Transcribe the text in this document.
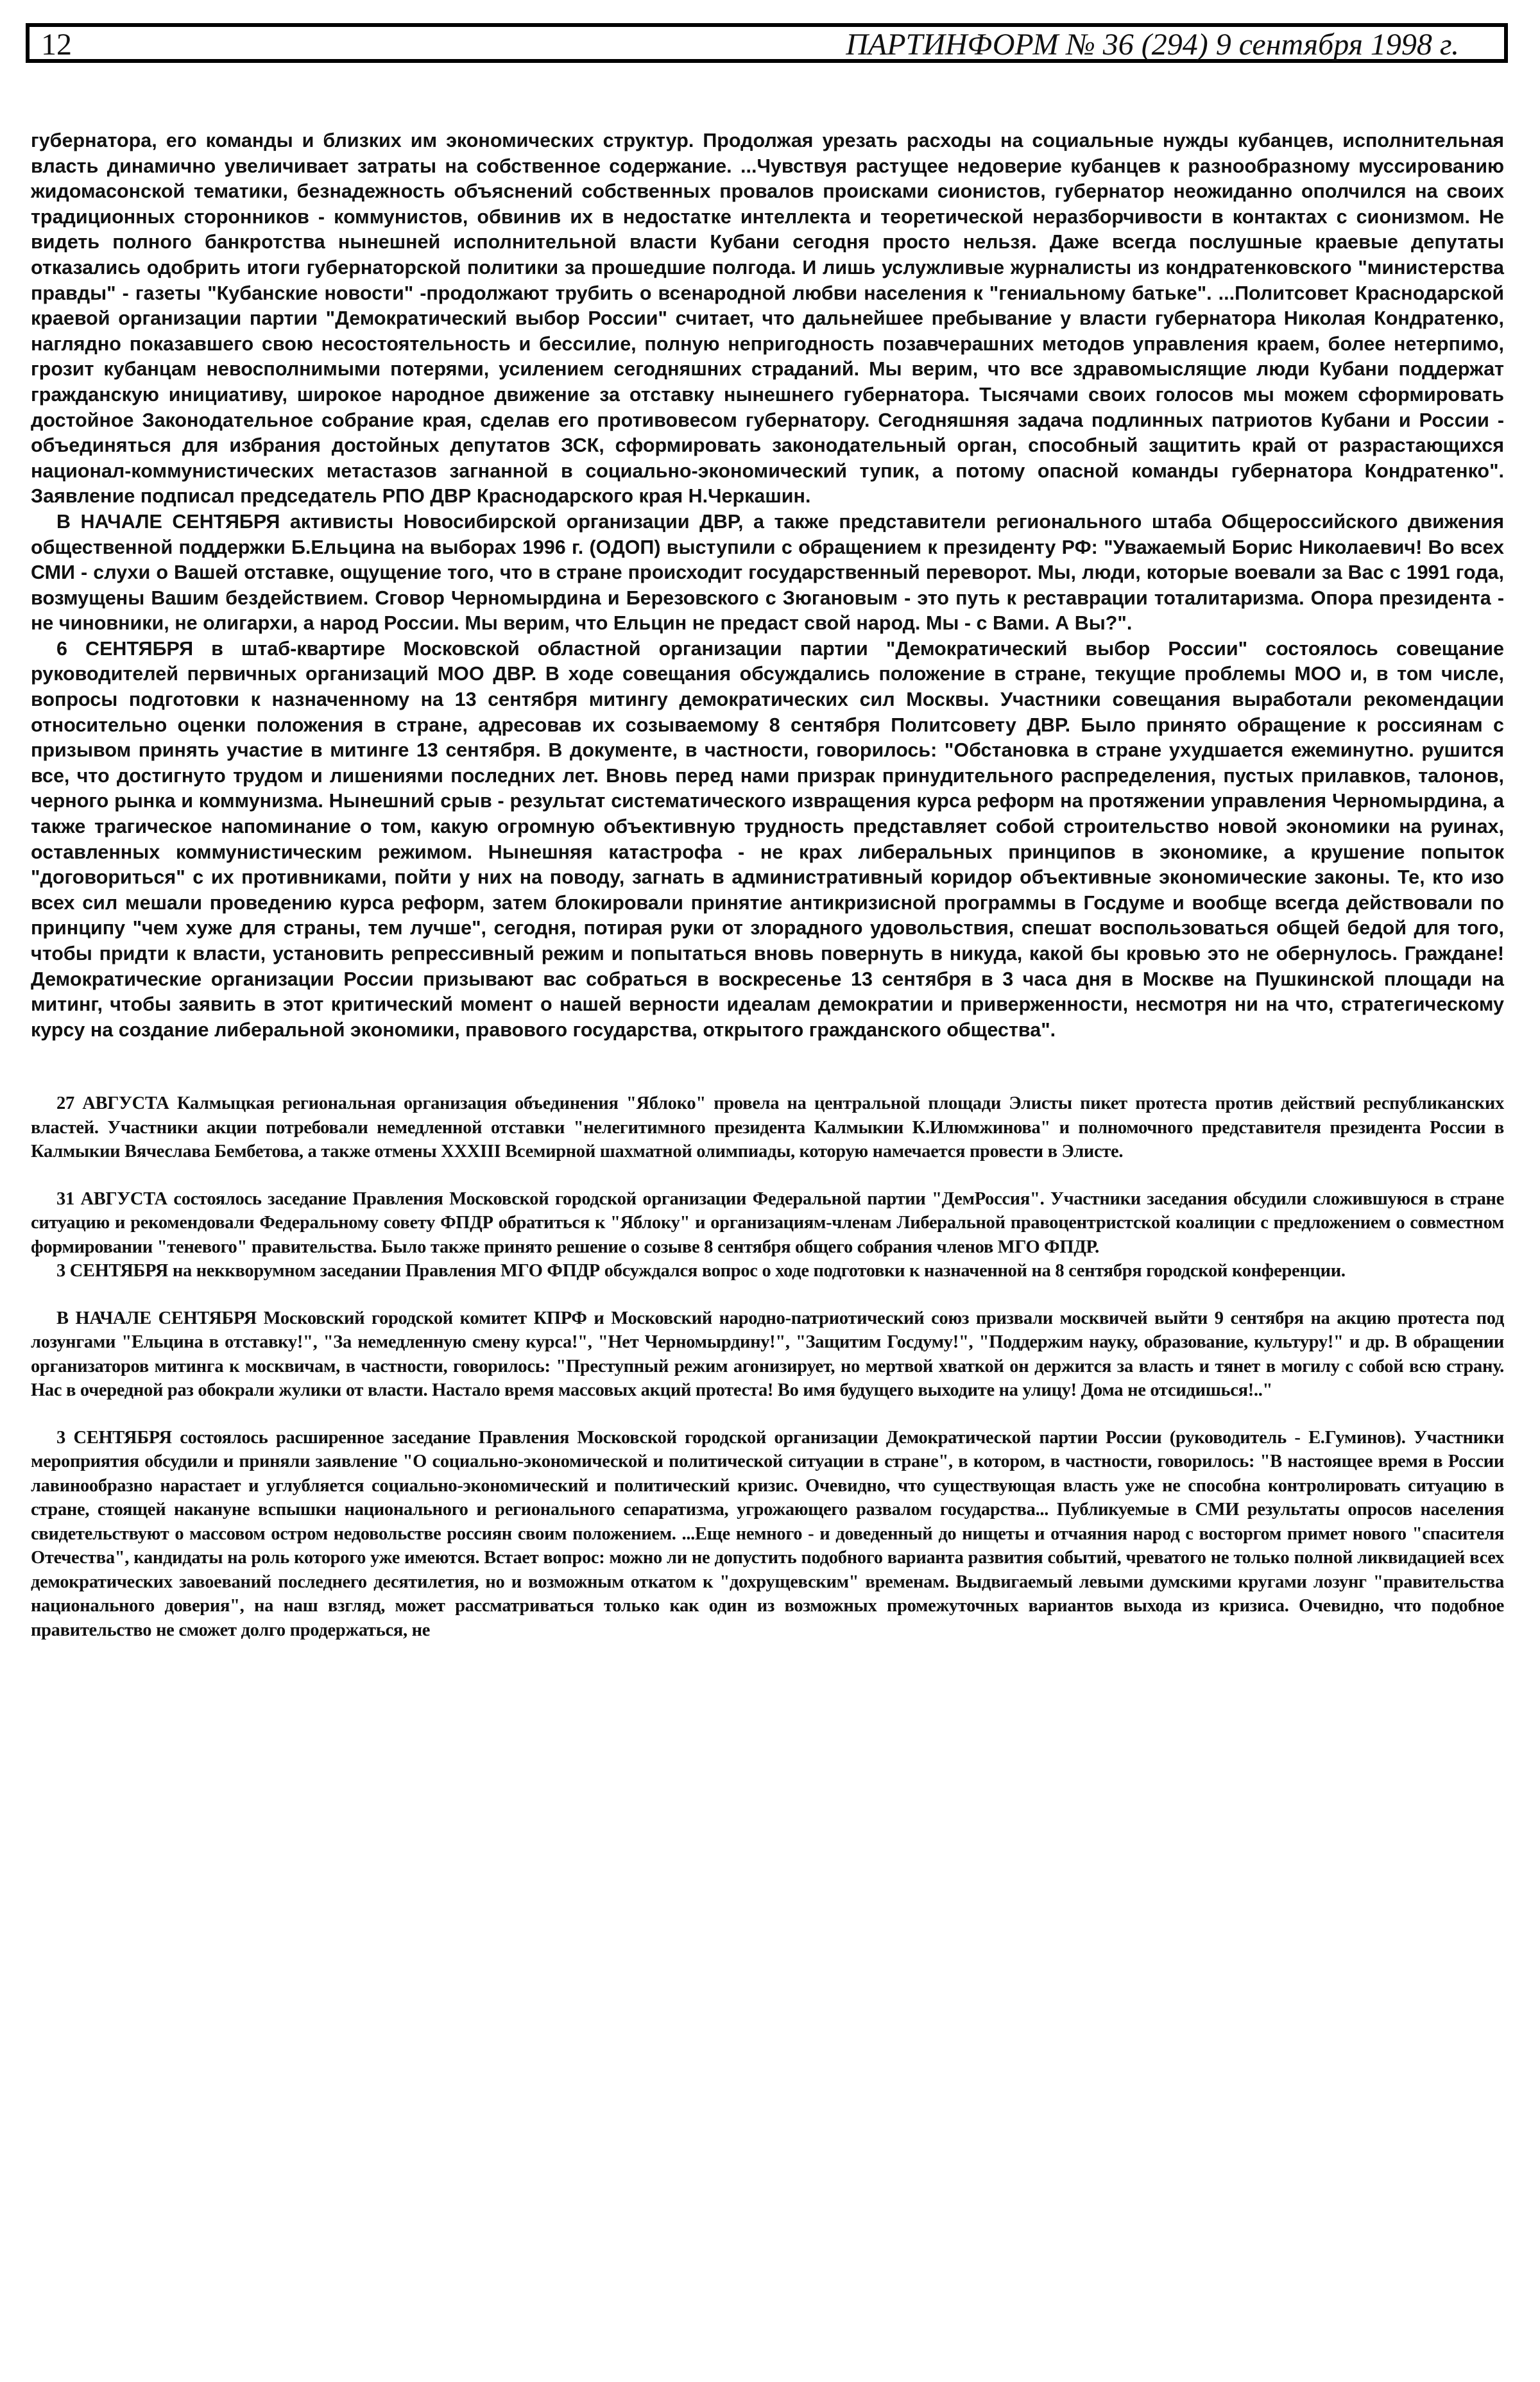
12	ПАРТИНФОРМ № 36 (294) 9 сентября 1998 г.

губернатора, его команды и близких им экономических структур. Продолжая урезать расходы на социальные нужды кубанцев, исполнительная власть динамично увеличивает затраты на собственное содержание. ...Чувствуя растущее недоверие кубанцев к разнообразному муссированию жидомасонской тематики, безнадежность объяснений собственных провалов происками сионистов, губернатор неожиданно ополчился на своих традиционных сторонников - коммунистов, обвинив их в недостатке интеллекта и теоретической неразборчивости в контактах с сионизмом. Не видеть полного банкротства нынешней исполнительной власти Кубани сегодня просто нельзя. Даже всегда послушные краевые депутаты отказались одобрить итоги губернаторской политики за прошедшие полгода. И лишь услужливые журналисты из кондратенковского "министерства правды" - газеты "Кубанские новости" -продолжают трубить о всенародной любви населения к "гениальному батьке". ...Политсовет Краснодарской краевой организации партии "Демократический выбор России" считает, что дальнейшее пребывание у власти губернатора Николая Кондратенко, наглядно показавшего свою несостоятельность и бессилие, полную непригодность позавчерашних методов управления краем, более нетерпимо, грозит кубанцам невосполнимыми потерями, усилением сегодняшних страданий. Мы верим, что все здравомыслящие люди Кубани поддержат гражданскую инициативу, широкое народное движение за отставку нынешнего губернатора. Тысячами своих голосов мы можем сформировать достойное Законодательное собрание края, сделав его противовесом губернатору. Сегодняшняя задача подлинных патриотов Кубани и России - объединяться для избрания достойных депутатов ЗСК, сформировать законодательный орган, способный защитить край от разрастающихся национал-коммунистических метастазов загнанной в социально-экономический тупик, а потому опасной команды губернатора Кондратенко". Заявление подписал председатель РПО ДВР Краснодарского края Н.Черкашин.

В НАЧАЛЕ СЕНТЯБРЯ активисты Новосибирской организации ДВР, а также представители регионального штаба Общероссийского движения общественной поддержки Б.Ельцина на выборах 1996 г. (ОДОП) выступили с обращением к президенту РФ: "Уважаемый Борис Николаевич! Во всех СМИ - слухи о Вашей отставке, ощущение того, что в стране происходит государственный переворот. Мы, люди, которые воевали за Вас с 1991 года, возмущены Вашим бездействием. Сговор Черномырдина и Березовского с Зюгановым - это путь к реставрации тоталитаризма. Опора президента - не чиновники, не олигархи, а народ России. Мы верим, что Ельцин не предаст свой народ. Мы - с Вами. А Вы?".

6 СЕНТЯБРЯ в штаб-квартире Московской областной организации партии "Демократический выбор России" состоялось совещание руководителей первичных организаций МОО ДВР. В ходе совещания обсуждались положение в стране, текущие проблемы МОО и, в том числе, вопросы подготовки к назначенному на 13 сентября митингу демократических сил Москвы. Участники совещания выработали рекомендации относительно оценки положения в стране, адресовав их созываемому 8 сентября Политсовету ДВР. Было принято обращение к россиянам с призывом принять участие в митинге 13 сентября. В документе, в частности, говорилось: "Обстановка в стране ухудшается ежеминутно. рушится все, что достигнуто трудом и лишениями последних лет. Вновь перед нами призрак принудительного распределения, пустых прилавков, талонов, черного рынка и коммунизма. Нынешний срыв - результат систематического извращения курса реформ на протяжении управления Черномырдина, а также трагическое напоминание о том, какую огромную объективную трудность представляет собой строительство новой экономики на руинах, оставленных коммунистическим режимом. Нынешняя катастрофа - не крах либеральных принципов в экономике, а крушение попыток "договориться" с их противниками, пойти у них на поводу, загнать в административный коридор объективные экономические законы. Те, кто изо всех сил мешали проведению курса реформ, затем блокировали принятие антикризисной программы в Госдуме и вообще всегда действовали по принципу "чем хуже для страны, тем лучше", сегодня, потирая руки от злорадного удовольствия, спешат воспользоваться общей бедой для того, чтобы придти к власти, установить репрессивный режим и попытаться вновь повернуть в никуда, какой бы кровью это не обернулось. Граждане! Демократические организации России призывают вас собраться в воскресенье 13 сентября в 3 часа дня в Москве на Пушкинской площади на митинг, чтобы заявить в этот критический момент о нашей верности идеалам демократии и приверженности, несмотря ни на что, стратегическому курсу на создание либеральной экономики, правового государства, открытого гражданского общества".

27 АВГУСТА Калмыцкая региональная организация объединения "Яблоко" провела на центральной площади Элисты пикет протеста против действий республиканских властей. Участники акции потребовали немедленной отставки "нелегитимного президента Калмыкии К.Илюмжинова" и полномочного представителя президента России в Калмыкии Вячеслава Бембетова, а также отмены XXXIII Всемирной шахматной олимпиады, которую намечается провести в Элисте.

31 АВГУСТА состоялось заседание Правления Московской городской организации Федеральной партии "ДемРоссия". Участники заседания обсудили сложившуюся в стране ситуацию и рекомендовали Федеральному совету ФПДР обратиться к "Яблоку" и организациям-членам Либеральной правоцентристской коалиции с предложением о совместном формировании "теневого" правительства. Было также принято решение о созыве 8 сентября общего собрания членов МГО ФПДР.

3 СЕНТЯБРЯ на неккворумном заседании Правления МГО ФПДР обсуждался вопрос о ходе подготовки к назначенной на 8 сентября городской конференции.

В НАЧАЛЕ СЕНТЯБРЯ Московский городской комитет КПРФ и Московский народно-патриотический союз призвали москвичей выйти 9 сентября на акцию протеста под лозунгами "Ельцина в отставку!", "За немедленную смену курса!", "Нет Черномырдину!", "Защитим Госдуму!", "Поддержим науку, образование, культуру!" и др. В обращении организаторов митинга к москвичам, в частности, говорилось: "Преступный режим агонизирует, но мертвой хваткой он держится за власть и тянет в могилу с собой всю страну. Нас в очередной раз обокрали жулики от власти. Настало время массовых акций протеста! Во имя будущего выходите на улицу! Дома не отсидишься!.."

3 СЕНТЯБРЯ состоялось расширенное заседание Правления Московской городской организации Демократической партии России (руководитель - Е.Гуминов). Участники мероприятия обсудили и приняли заявление "О социально-экономической и политической ситуации в стране", в котором, в частности, говорилось: "В настоящее время в России лавинообразно нарастает и углубляется социально-экономический и политический кризис. Очевидно, что существующая власть уже не способна контролировать ситуацию в стране, стоящей накануне вспышки национального и регионального сепаратизма, угрожающего развалом государства... Публикуемые в СМИ результаты опросов населения свидетельствуют о массовом остром недовольстве россиян своим положением. ...Еще немного - и доведенный до нищеты и отчаяния народ с восторгом примет нового "спасителя Отечества", кандидаты на роль которого уже имеются. Встает вопрос: можно ли не допустить подобного варианта развития событий, чреватого не только полной ликвидацией всех демократических завоеваний последнего десятилетия, но и возможным откатом к "дохрущевским" временам. Выдвигаемый левыми думскими кругами лозунг "правительства национального доверия", на наш взгляд, может рассматриваться только как один из возможных промежуточных вариантов выхода из кризиса. Очевидно, что подобное правительство не сможет долго продержаться, не
